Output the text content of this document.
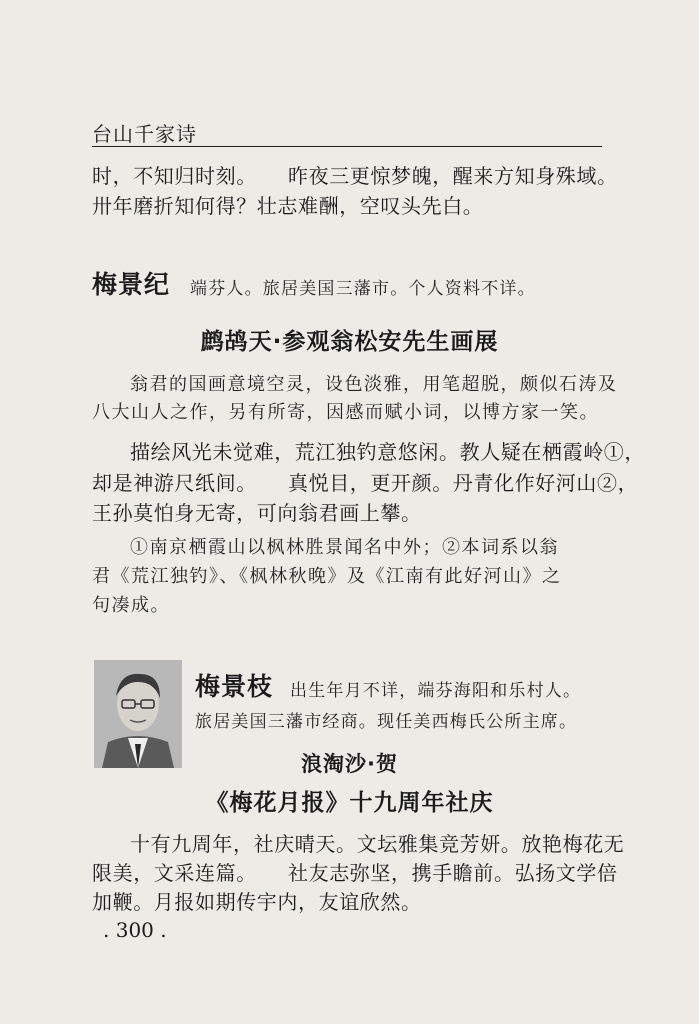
台山千家诗
时，不知归时刻。　　昨夜三更惊梦魄，醒来方知身殊域。
卅年磨折知何得？壮志难酬，空叹头先白。
梅景纪 端芬人。旅居美国三藩市。个人资料不详。
鹧鸪天·参观翁松安先生画展
翁君的国画意境空灵，设色淡雅，用笔超脱，颇似石涛及
八大山人之作，另有所寄，因感而赋小词，以博方家一笑。
描绘风光未觉难，荒江独钓意悠闲。教人疑在栖霞岭①，
却是神游尺纸间。　　真悦目，更开颜。丹青化作好河山②，
王孙莫怕身无寄，可向翁君画上攀。
①南京栖霞山以枫林胜景闻名中外；②本词系以翁
君《荒江独钓》、《枫林秋晚》及《江南有此好河山》之
句凑成。
梅景枝 出生年月不详，端芬海阳和乐村人。
旅居美国三藩市经商。现任美西梅氏公所主席。
浪淘沙·贺
《梅花月报》十九周年社庆
十有九周年，社庆晴天。文坛雅集竞芳妍。放艳梅花无
限美，文采连篇。　　社友志弥坚，携手瞻前。弘扬文学倍
加鞭。月报如期传宇内，友谊欣然。
. 300 .
